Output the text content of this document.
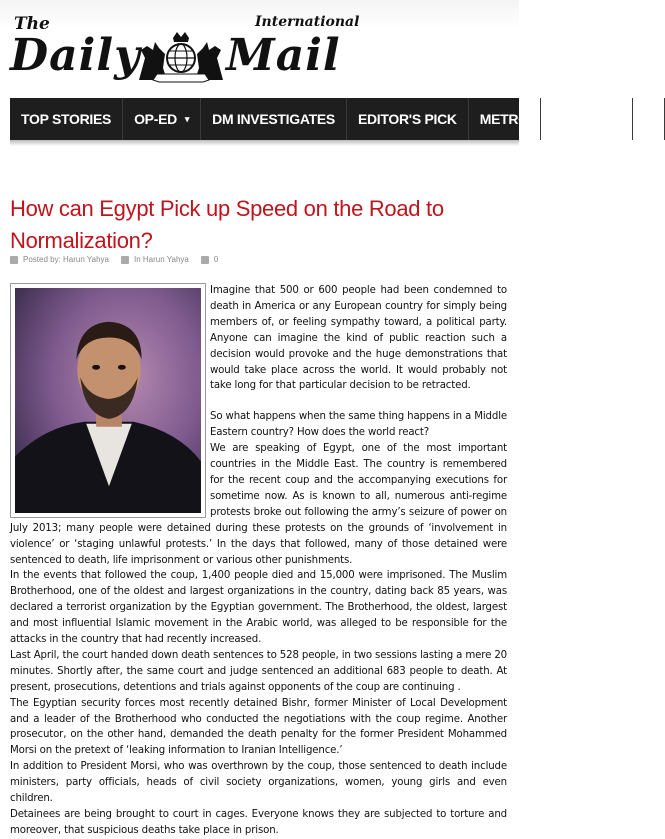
The
Daily
International
Mail
TOP STORIES	OP-ED ▾	DM INVESTIGATES	EDITOR'S PICK	METRO	BUSINESS	S
How can Egypt Pick up Speed on the Road to Normalization?
Posted by: Harun Yahya	In Harun Yahya	0

Imagine that 500 or 600 people had been condemned to death in America or any European country for simply being members of, or feeling sympathy toward, a political party. Anyone can imagine the kind of public reaction such a decision would provoke and the huge demonstrations that would take place across the world. It would probably not take long for that particular decision to be retracted.

So what happens when the same thing happens in a Middle Eastern country? How does the world react?

We are speaking of Egypt, one of the most important countries in the Middle East. The country is remembered for the recent coup and the accompanying executions for sometime now. As is known to all, numerous anti-regime protests broke out following the army’s seizure of power on July 2013; many people were detained during these protests on the grounds of ‘involvement in violence’ or ‘staging unlawful protests.’ In the days that followed, many of those detained were sentenced to death, life imprisonment or various other punishments.

In the events that followed the coup, 1,400 people died and 15,000 were imprisoned. The Muslim Brotherhood, one of the oldest and largest organizations in the country, dating back 85 years, was declared a terrorist organization by the Egyptian government. The Brotherhood, the oldest, largest and most influential Islamic movement in the Arabic world, was alleged to be responsible for the attacks in the country that had recently increased.

Last April, the court handed down death sentences to 528 people, in two sessions lasting a mere 20 minutes. Shortly after, the same court and judge sentenced an additional 683 people to death. At present, prosecutions, detentions and trials against opponents of the coup are continuing .

The Egyptian security forces most recently detained Bishr, former Minister of Local Development and a leader of the Brotherhood who conducted the negotiations with the coup regime. Another prosecutor, on the other hand, demanded the death penalty for the former President Mohammed Morsi on the pretext of ‘leaking information to Iranian Intelligence.’

In addition to President Morsi, who was overthrown by the coup, those sentenced to death include ministers, party officials, heads of civil society organizations, women, young girls and even children.

Detainees are being brought to court in cages. Everyone knows they are subjected to torture and moreover, that suspicious deaths take place in prison.
